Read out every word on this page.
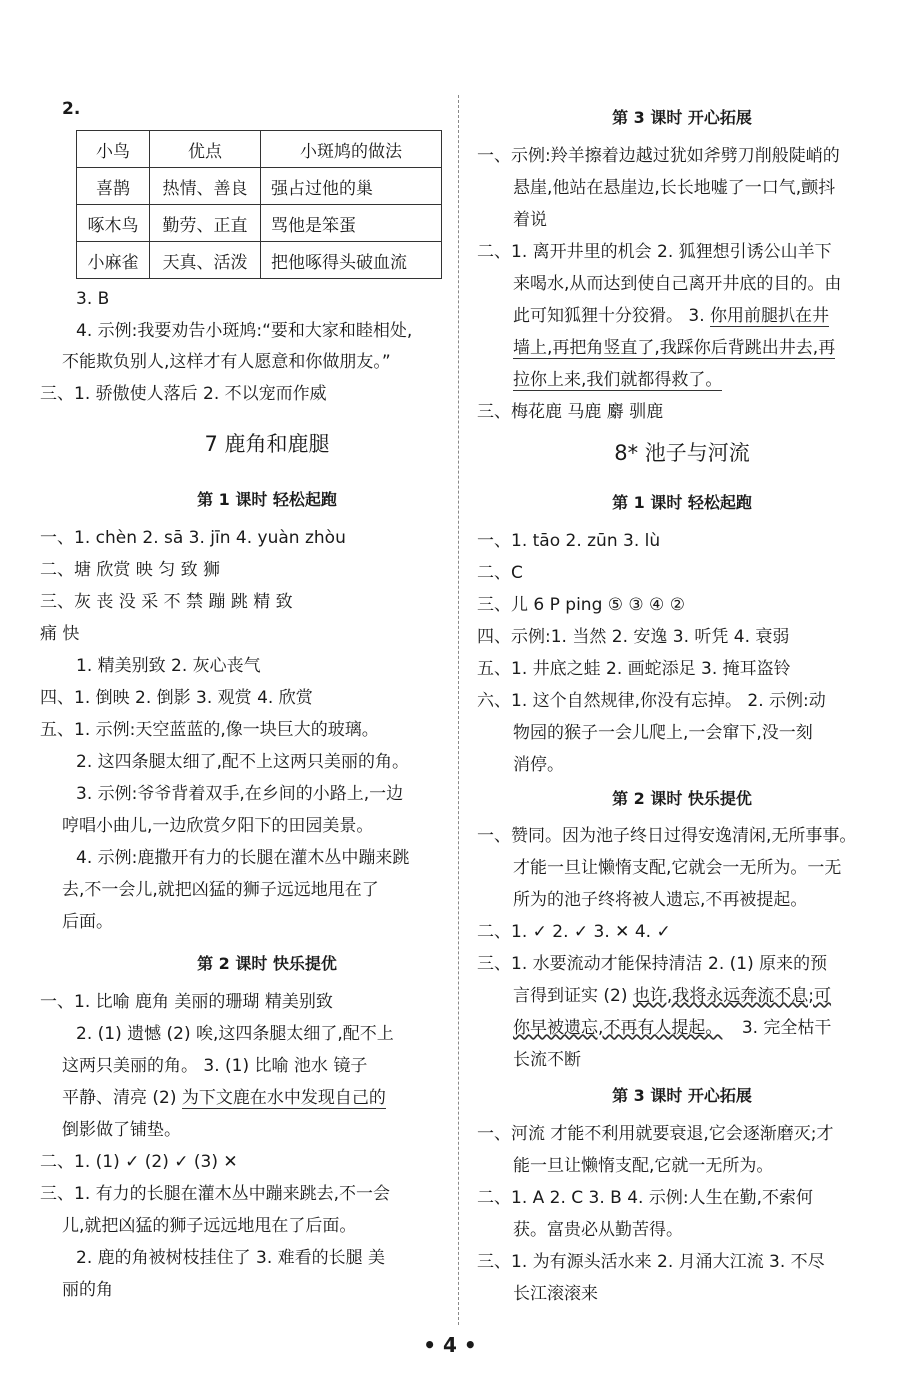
2.
小鸟	优点	小斑鸠的做法
喜鹊	热情、善良	强占过他的巢
啄木鸟	勤劳、正直	骂他是笨蛋
小麻雀	天真、活泼	把他啄得头破血流
3. B
4. 示例:我要劝告小斑鸠:“要和大家和睦相处,
不能欺负别人,这样才有人愿意和你做朋友。”
三、1. 骄傲使人落后 2. 不以宠而作威
7 鹿角和鹿腿
第 1 课时 轻松起跑
一、1. chèn 2. sā 3. jīn 4. yuàn zhòu
二、塘 欣赏 映 匀 致 狮
三、灰 丧 没 采 不 禁 蹦 跳 精 致
痛 快
1. 精美别致 2. 灰心丧气
四、1. 倒映 2. 倒影 3. 观赏 4. 欣赏
五、1. 示例:天空蓝蓝的,像一块巨大的玻璃。
2. 这四条腿太细了,配不上这两只美丽的角。
3. 示例:爷爷背着双手,在乡间的小路上,一边
哼唱小曲儿,一边欣赏夕阳下的田园美景。
4. 示例:鹿撒开有力的长腿在灌木丛中蹦来跳
去,不一会儿,就把凶猛的狮子远远地甩在了
后面。
第 2 课时 快乐提优
一、1. 比喻 鹿角 美丽的珊瑚 精美别致
2. (1) 遗憾 (2) 唉,这四条腿太细了,配不上
这两只美丽的角。 3. (1) 比喻 池水 镜子
平静、清亮 (2) 为下文鹿在水中发现自己的
倒影做了铺垫。
二、1. (1) ✓ (2) ✓ (3) ✕
三、1. 有力的长腿在灌木丛中蹦来跳去,不一会
儿,就把凶猛的狮子远远地甩在了后面。
2. 鹿的角被树枝挂住了 3. 难看的长腿 美
丽的角
第 3 课时 开心拓展
一、示例:羚羊擦着边越过犹如斧劈刀削般陡峭的
悬崖,他站在悬崖边,长长地嘘了一口气,颤抖
着说
二、1. 离开井里的机会 2. 狐狸想引诱公山羊下
来喝水,从而达到使自己离开井底的目的。由
此可知狐狸十分狡猾。 3. 你用前腿扒在井
墙上,再把角竖直了,我踩你后背跳出井去,再
拉你上来,我们就都得救了。
三、梅花鹿 马鹿 麝 驯鹿
8* 池子与河流
第 1 课时 轻松起跑
一、1. tāo 2. zūn 3. lù
二、C
三、儿 6 P ping ⑤ ③ ④ ②
四、示例:1. 当然 2. 安逸 3. 听凭 4. 衰弱
五、1. 井底之蛙 2. 画蛇添足 3. 掩耳盗铃
六、1. 这个自然规律,你没有忘掉。 2. 示例:动
物园的猴子一会儿爬上,一会窜下,没一刻
消停。
第 2 课时 快乐提优
一、赞同。因为池子终日过得安逸清闲,无所事事。
才能一旦让懒惰支配,它就会一无所为。一无
所为的池子终将被人遗忘,不再被提起。
二、1. ✓ 2. ✓ 3. ✕ 4. ✓
三、1. 水要流动才能保持清洁 2. (1) 原来的预
言得到证实 (2) 也许,我将永远奔流不息;可
你早被遗忘,不再有人提起。 3. 完全枯干
长流不断
第 3 课时 开心拓展
一、河流 才能不利用就要衰退,它会逐渐磨灭;才
能一旦让懒惰支配,它就一无所为。
二、1. A 2. C 3. B 4. 示例:人生在勤,不索何
获。富贵必从勤苦得。
三、1. 为有源头活水来 2. 月涌大江流 3. 不尽
长江滚滚来
• 4 •
